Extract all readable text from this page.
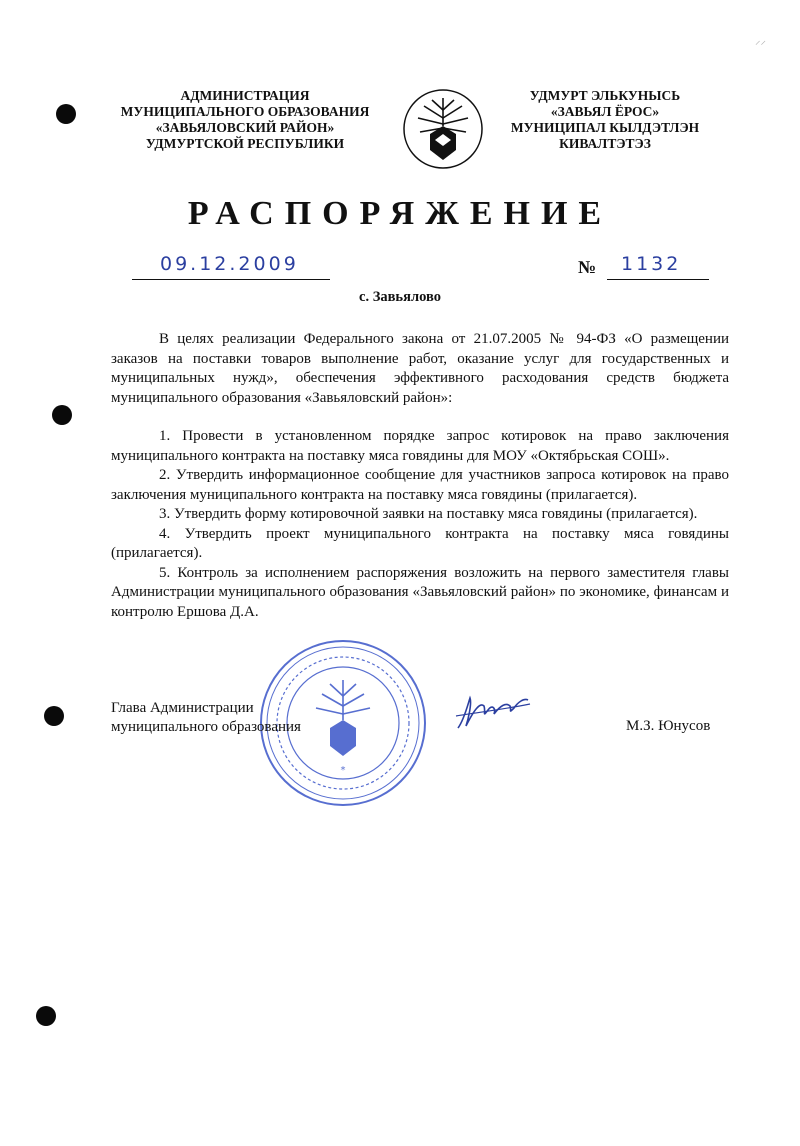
АДМИНИСТРАЦИЯ
МУНИЦИПАЛЬНОГО ОБРАЗОВАНИЯ
«ЗАВЬЯЛОВСКИЙ РАЙОН»
УДМУРТСКОЙ РЕСПУБЛИКИ
УДМУРТ ЭЛЬКУНЫСЬ
«ЗАВЬЯЛ ЁРОС»
МУНИЦИПАЛ КЫЛДЭТЛЭН
КИВАЛТЭТЭЗ
⸝⸝
РАСПОРЯЖЕНИЕ
09.12.2009	№ 1132
с. Завьялово

В целях реализации Федерального закона от 21.07.2005 № 94-ФЗ «О размещении заказов на поставки товаров выполнение работ, оказание услуг для государственных и муниципальных нужд», обеспечения эффективного расходования средств бюджета муниципального образования «Завьяловский район»:

1. Провести в установленном порядке запрос котировок на право заключения муниципального контракта на поставку мяса говядины для МОУ «Октябрьская СОШ».

2. Утвердить информационное сообщение для участников запроса котировок на право заключения муниципального контракта на поставку мяса говядины (прилагается).

3. Утвердить форму котировочной заявки на поставку мяса говядины (прилагается).

4. Утвердить проект муниципального контракта на поставку мяса говядины (прилагается).

5. Контроль за исполнением распоряжения возложить на первого заместителя главы Администрации муниципального образования «Завьяловский район» по экономике, финансам и контролю Ершова Д.А.

*
Глава Администрации
муниципального образования	М.З. Юнусов
